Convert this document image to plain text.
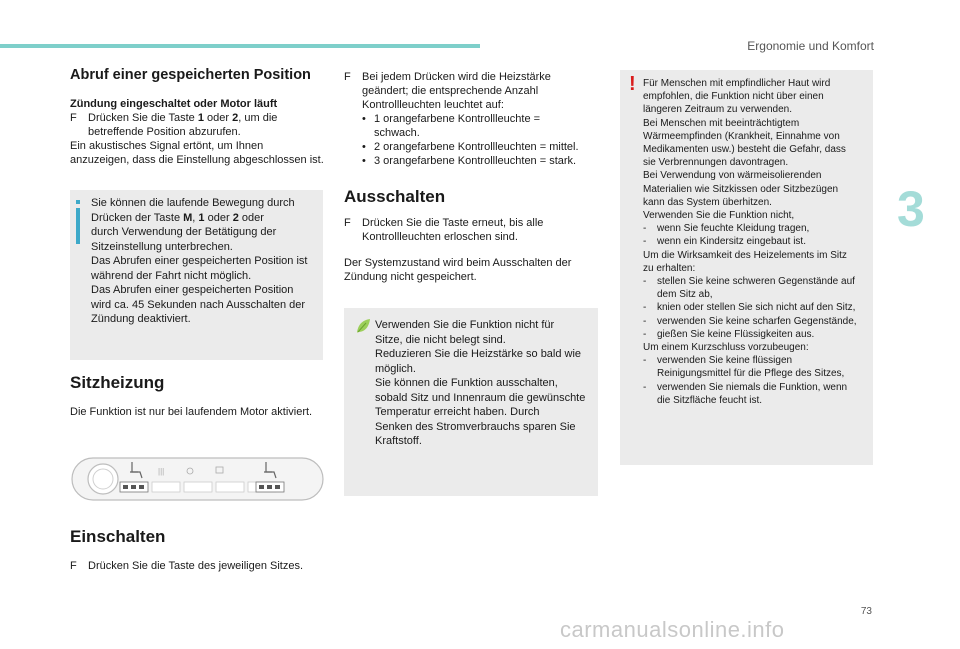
Ergonomie und Komfort
3
Abruf einer gespeicherten Position

Zündung eingeschaltet oder Motor läuft

F	Drücken Sie die Taste 1 oder 2, um die
betreffende Position abzurufen.

Ein akustisches Signal ertönt, um Ihnen

anzuzeigen, dass die Einstellung abgeschlossen ist.

Sie können die laufende Bewegung durch

Drücken der Taste M, 1 oder 2 oder

durch Verwendung der Betätigung der

Sitzeinstellung unterbrechen.

Das Abrufen einer gespeicherten Position ist

während der Fahrt nicht möglich.

Das Abrufen einer gespeicherten Position

wird ca. 45 Sekunden nach Ausschalten der

Zündung deaktiviert.

Sitzheizung

Die Funktion ist nur bei laufendem Motor aktiviert.

|||
Einschalten
F	Drücken Sie die Taste des jeweiligen Sitzes.
F	Bei jedem Drücken wird die Heizstärke
geändert; die entsprechende Anzahl
Kontrollleuchten leuchtet auf:
• 1 orangefarbene Kontrollleuchte =
schwach.
• 2 orangefarbene Kontrollleuchten = mittel.
• 3 orangefarbene Kontrollleuchten = stark.
Ausschalten
F	Drücken Sie die Taste erneut, bis alle
Kontrollleuchten erloschen sind.

Der Systemzustand wird beim Ausschalten der

Zündung nicht gespeichert.

Verwenden Sie die Funktion nicht für

Sitze, die nicht belegt sind.

Reduzieren Sie die Heizstärke so bald wie

möglich.

Sie können die Funktion ausschalten,

sobald Sitz und Innenraum die gewünschte

Temperatur erreicht haben. Durch

Senken des Stromverbrauchs sparen Sie

Kraftstoff.

! Für Menschen mit empfindlicher Haut wird

empfohlen, die Funktion nicht über einen

längeren Zeitraum zu verwenden.

Bei Menschen mit beeinträchtigtem

Wärmeempfinden (Krankheit, Einnahme von

Medikamenten usw.) besteht die Gefahr, dass

sie Verbrennungen davontragen.

Bei Verwendung von wärmeisolierenden

Materialien wie Sitzkissen oder Sitzbezügen

kann das System überhitzen.

Verwenden Sie die Funktion nicht,

-	wenn Sie feuchte Kleidung tragen,
-	wenn ein Kindersitz eingebaut ist.

Um die Wirksamkeit des Heizelements im Sitz

zu erhalten:

-	stellen Sie keine schweren Gegenstände auf
dem Sitz ab,
-	knien oder stellen Sie sich nicht auf den Sitz,
-	verwenden Sie keine scharfen Gegenstände,
-	gießen Sie keine Flüssigkeiten aus.

Um einem Kurzschluss vorzubeugen:

-	verwenden Sie keine flüssigen
Reinigungsmittel für die Pflege des Sitzes,
-	verwenden Sie niemals die Funktion, wenn
die Sitzfläche feucht ist.
73
carmanualsonline.info
